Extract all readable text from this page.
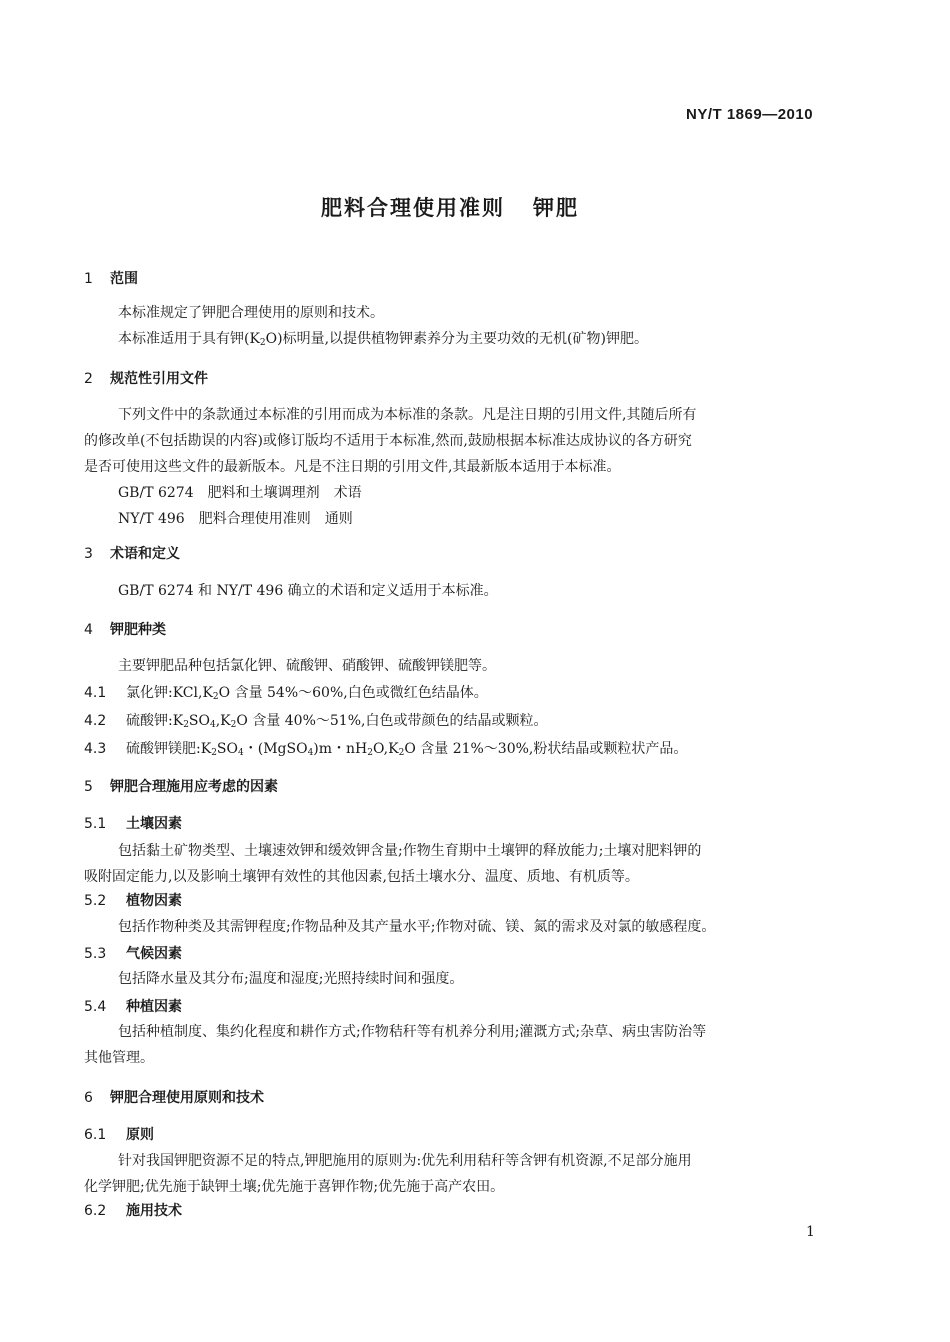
NY/T 1869—2010
肥料合理使用准则 钾肥
1 范围
本标准规定了钾肥合理使用的原则和技术。
本标准适用于具有钾$(K_2O)$标明量,以提供植物钾素养分为主要功效的无机(矿物)钾肥。
2 规范性引用文件
下列文件中的条款通过本标准的引用而成为本标准的条款。凡是注日期的引用文件,其随后所有
的修改单(不包括勘误的内容)或修订版均不适用于本标准,然而,鼓励根据本标准达成协议的各方研究
是否可使用这些文件的最新版本。凡是不注日期的引用文件,其最新版本适用于本标准。
GB/T 6274　肥料和土壤调理剂　术语
NY/T 496　肥料合理使用准则　通则
3 术语和定义
GB/T 6274 和 NY/T 496 确立的术语和定义适用于本标准。
4 钾肥种类
主要钾肥品种包括氯化钾、硫酸钾、硝酸钾、硫酸钾镁肥等。
4.1 氯化钾$:KCl,K_2O$ 含量 54%～60%,白色或微红色结晶体。
4.2 硫酸钾$:K_2SO_4,K_2O$ 含量 40%～51%,白色或带颜色的结晶或颗粒。
4.3 硫酸钾镁肥$:K_2SO_4$・(MgSO$_4$)m・$nH_2O,K_2O$ 含量 21%～30%,粉状结晶或颗粒状产品。
5 钾肥合理施用应考虑的因素
5.1 土壤因素
包括黏土矿物类型、土壤速效钾和缓效钾含量;作物生育期中土壤钾的释放能力;土壤对肥料钾的
吸附固定能力,以及影响土壤钾有效性的其他因素,包括土壤水分、温度、质地、有机质等。
5.2 植物因素
包括作物种类及其需钾程度;作物品种及其产量水平;作物对硫、镁、氮的需求及对氯的敏感程度。
5.3 气候因素
包括降水量及其分布;温度和湿度;光照持续时间和强度。
5.4 种植因素
包括种植制度、集约化程度和耕作方式;作物秸秆等有机养分利用;灌溉方式;杂草、病虫害防治等
其他管理。
6 钾肥合理使用原则和技术
6.1 原则
针对我国钾肥资源不足的特点,钾肥施用的原则为:优先利用秸秆等含钾有机资源,不足部分施用
化学钾肥;优先施于缺钾土壤;优先施于喜钾作物;优先施于高产农田。
6.2 施用技术
1
